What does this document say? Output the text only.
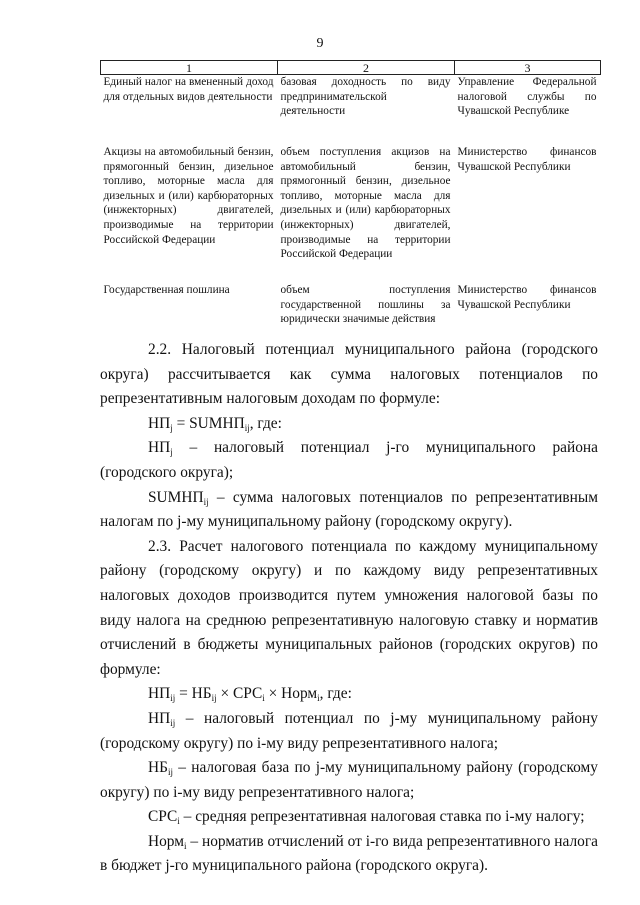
9
1	2	3
Единый налог на вмененный доход для отдельных видов деятельности	базовая доходность по виду предпринимательской деятельности	Управление Федеральной налоговой службы по Чувашской Республике
Акцизы на автомобильный бензин, прямогонный бензин, дизельное топливо, моторные масла для дизельных и (или) карбюраторных (инжекторных) двигателей, производимые на территории Российской Федерации	объем поступления акцизов на автомобильный бензин, прямогонный бензин, дизельное топливо, моторные масла для дизельных и (или) карбюраторных (инжекторных) двигателей, производимые на территории Российской Федерации	Министерство финансов Чувашской Республики
Государственная пошлина	объем поступления государственной пошлины за юридически значимые действия	Министерство финансов Чувашской Республики

2.2. Налоговый потенциал муниципального района (городского округа) рассчитывается как сумма налоговых потенциалов по репрезентативным налоговым доходам по формуле:

$НП_j$ = $SUMНП_{ij}$, где:

$НП_j$ – налоговый потенциал j-го муниципального района (городского округа);

$SUMНП_{ij}$ – сумма налоговых потенциалов по репрезентативным налогам по j-му муниципальному району (городскому округу).

2.3. Расчет налогового потенциала по каждому муниципальному району (городскому округу) и по каждому виду репрезентативных налоговых доходов производится путем умножения налоговой базы по виду налога на среднюю репрезентативную налоговую ставку и норматив отчислений в бюджеты муниципальных районов (городских округов) по формуле:

$НП_{ij} = НБ_{ij} \times СРС_i$ × Норм$_i$, где:

$НП_{ij}$ – налоговый потенциал по j-му муниципальному району (городскому округу) по i-му виду репрезентативного налога;

$НБ_{ij}$ – налоговая база по j-му муниципальному району (городскому округу) по i-му виду репрезентативного налога;

$СРС_i$ – средняя репрезентативная налоговая ставка по i-му налогу;

Норм$_i$ – норматив отчислений от i-го вида репрезентативного налога в бюджет j-го муниципального района (городского округа).
